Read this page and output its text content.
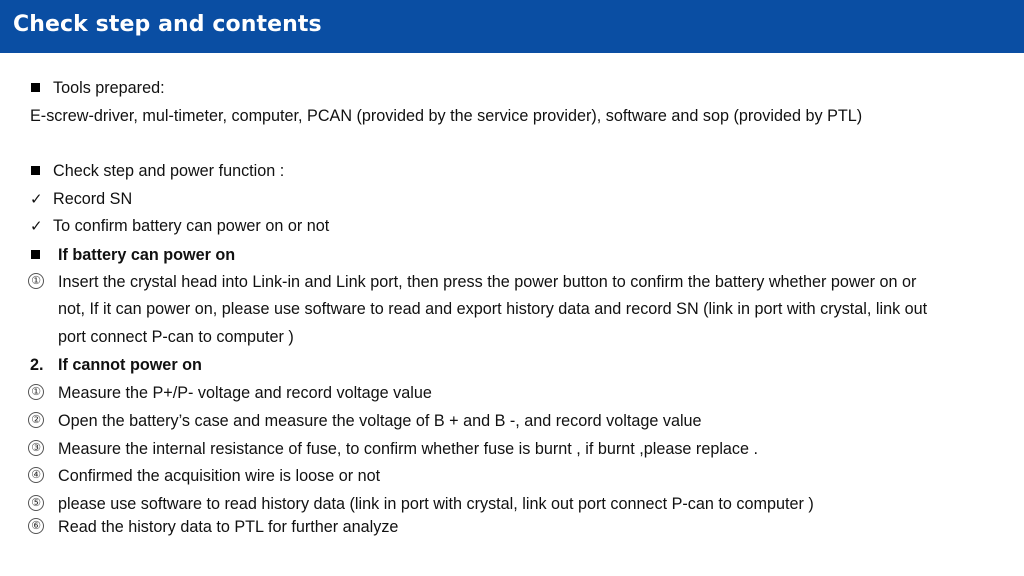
Check step and contents
Tools prepared:
E-screw-driver, mul-timeter, computer, PCAN (provided by the service provider), software and sop (provided by PTL)
Check step and power function :
✓ Record SN
✓ To confirm battery can power on or not
If battery can power on
① Insert the crystal head into Link-in and Link port, then press the power button to confirm the battery whether power on or
not, If it can power on, please use software to read and export history data and record SN (link in port with crystal, link out
port connect P-can to computer )
2. If cannot power on
① Measure the P+/P- voltage and record voltage value
② Open the battery’s case and measure the voltage of B + and B -, and record voltage value
③ Measure the internal resistance of fuse, to confirm whether fuse is burnt , if burnt ,please replace .
④ Confirmed the acquisition wire is loose or not
⑤ please use software to read history data (link in port with crystal, link out port connect P-can to computer )
⑥ Read the history data to PTL for further analyze
